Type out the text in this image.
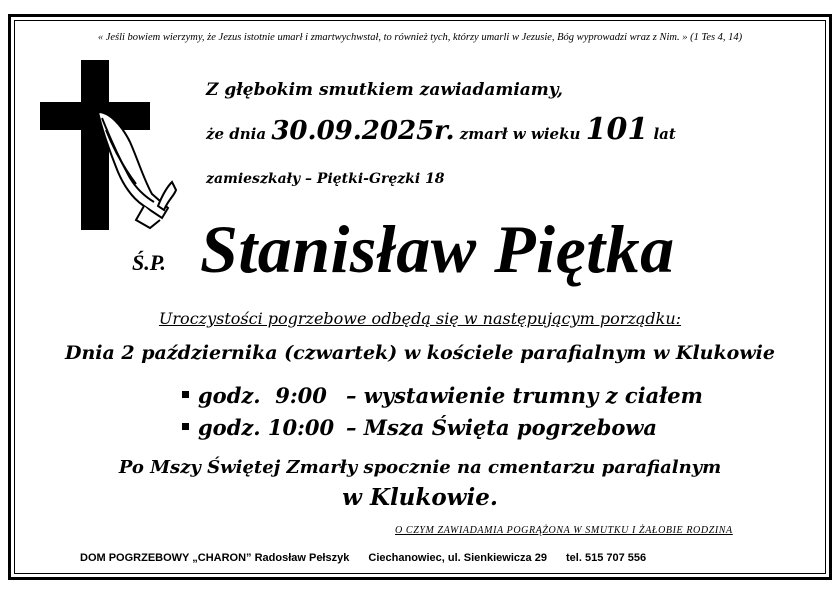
« Jeśli bowiem wierzymy, że Jezus istotnie umarł i zmartwychwstał, to również tych, którzy umarli w Jezusie, Bóg wyprowadzi wraz z Nim. » (1 Tes 4, 14)
Z głębokim smutkiem zawiadamiamy,
że dnia 30.09.2025r. zmarł w wieku 101 lat
zamieszkały – Piętki-Gręzki 18
Ś.P. Stanisław Piętka
Uroczystości pogrzebowe odbędą się w następującym porządku:
Dnia 2 października (czwartek) w kościele parafialnym w Klukowie
godz.  9:00 – wystawienie trumny z ciałem
godz. 10:00 – Msza Święta pogrzebowa
Po Mszy Świętej Zmarły spocznie na cmentarzu parafialnym
w Klukowie.
O CZYM ZAWIADAMIA POGRĄŻONA W SMUTKU I ŻAŁOBIE RODZINA
DOM POGRZEBOWY „CHARON” Radosław Pełszyk Ciechanowiec, ul. Sienkiewicza 29 tel. 515 707 556
